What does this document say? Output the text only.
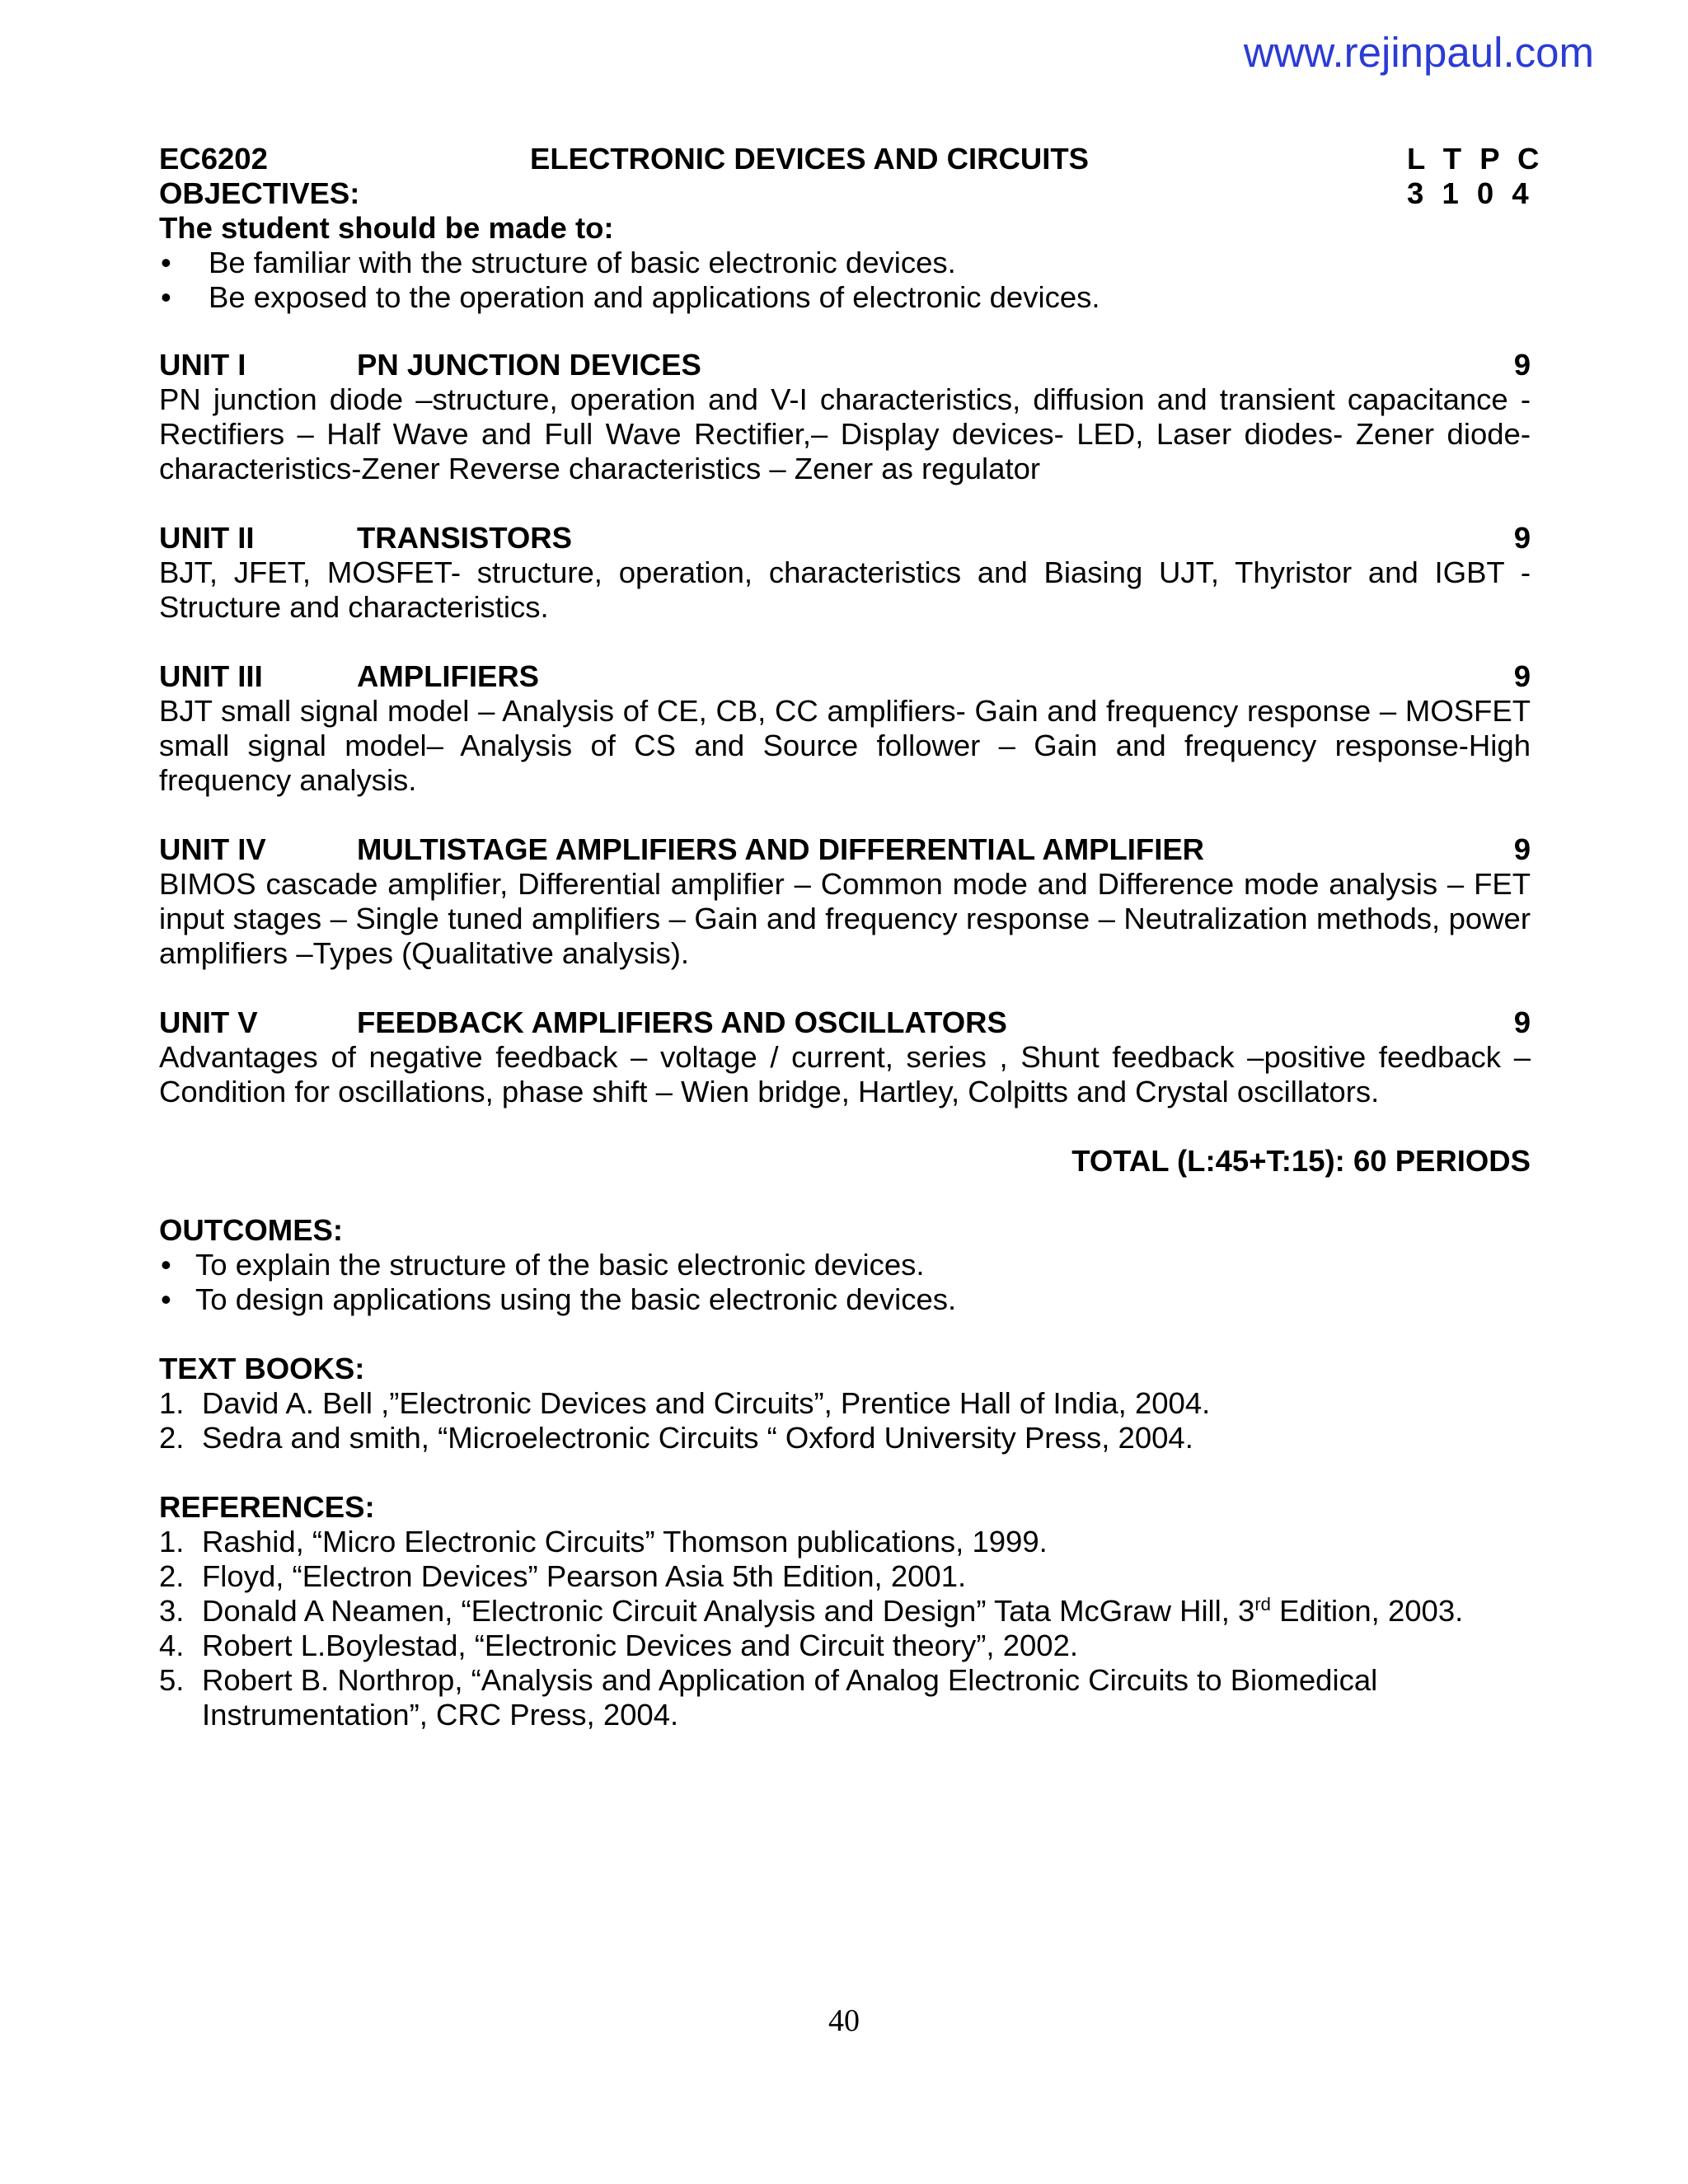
www.rejinpaul.com
EC6202	ELECTRONIC DEVICES AND CIRCUITS	L T P C
3 1 0 4
OBJECTIVES:
The student should be made to:
• Be familiar with the structure of basic electronic devices.
• Be exposed to the operation and applications of electronic devices.
UNIT I	PN JUNCTION DEVICES	9
PN junction diode –structure, operation and V-I characteristics, diffusion and transient capacitance - Rectifiers – Half Wave and Full Wave Rectifier,– Display devices- LED, Laser diodes- Zener diode-characteristics-Zener Reverse characteristics – Zener as regulator
UNIT II	TRANSISTORS	9
BJT, JFET, MOSFET- structure, operation, characteristics and Biasing UJT, Thyristor and IGBT - Structure and characteristics.
UNIT III	AMPLIFIERS	9
BJT small signal model – Analysis of CE, CB, CC amplifiers- Gain and frequency response – MOSFET small signal model– Analysis of CS and Source follower – Gain and frequency response-High frequency analysis.
UNIT IV	MULTISTAGE AMPLIFIERS AND DIFFERENTIAL AMPLIFIER	9
BIMOS cascade amplifier, Differential amplifier – Common mode and Difference mode analysis – FET input stages – Single tuned amplifiers – Gain and frequency response – Neutralization methods, power amplifiers –Types (Qualitative analysis).
UNIT V	FEEDBACK AMPLIFIERS AND OSCILLATORS	9
Advantages of negative feedback – voltage / current, series , Shunt feedback –positive feedback – Condition for oscillations, phase shift – Wien bridge, Hartley, Colpitts and Crystal oscillators.
TOTAL (L:45+T:15): 60 PERIODS
OUTCOMES:
• To explain the structure of the basic electronic devices.
• To design applications using the basic electronic devices.
TEXT BOOKS:
1. David A. Bell ,”Electronic Devices and Circuits”, Prentice Hall of India, 2004.
2. Sedra and smith, “Microelectronic Circuits “ Oxford University Press, 2004.
REFERENCES:
1. Rashid, “Micro Electronic Circuits” Thomson publications, 1999.
2. Floyd, “Electron Devices” Pearson Asia 5th Edition, 2001.
3. Donald A Neamen, “Electronic Circuit Analysis and Design” Tata McGraw Hill, 3rd Edition, 2003.
4. Robert L.Boylestad, “Electronic Devices and Circuit theory”, 2002.
5. Robert B. Northrop, “Analysis and Application of Analog Electronic Circuits to Biomedical Instrumentation”, CRC Press, 2004.
40
